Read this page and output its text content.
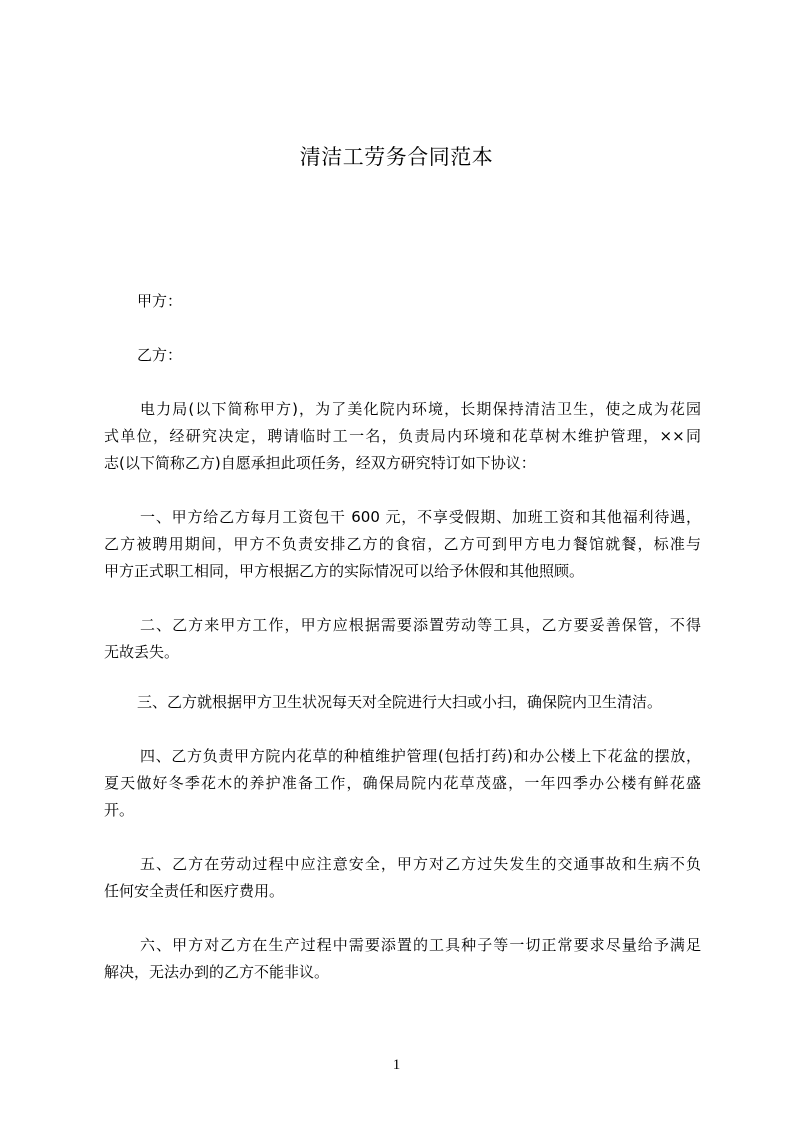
清洁工劳务合同范本
甲方：
乙方：
电力局(以下简称甲方)，为了美化院内环境，长期保持清洁卫生，使之成为花园
式单位，经研究决定，聘请临时工一名，负责局内环境和花草树木维护管理，××同
志(以下简称乙方)自愿承担此项任务，经双方研究特订如下协议：
一、甲方给乙方每月工资包干 600 元，不享受假期、加班工资和其他福利待遇，
乙方被聘用期间，甲方不负责安排乙方的食宿，乙方可到甲方电力餐馆就餐，标准与
甲方正式职工相同，甲方根据乙方的实际情况可以给予休假和其他照顾。
二、乙方来甲方工作，甲方应根据需要添置劳动等工具，乙方要妥善保管，不得
无故丢失。
三、乙方就根据甲方卫生状况每天对全院进行大扫或小扫，确保院内卫生清洁。
四、乙方负责甲方院内花草的种植维护管理(包括打药)和办公楼上下花盆的摆放，
夏天做好冬季花木的养护准备工作，确保局院内花草茂盛，一年四季办公楼有鲜花盛
开。
五、乙方在劳动过程中应注意安全，甲方对乙方过失发生的交通事故和生病不负
任何安全责任和医疗费用。
六、甲方对乙方在生产过程中需要添置的工具种子等一切正常要求尽量给予满足
解决，无法办到的乙方不能非议。
1
